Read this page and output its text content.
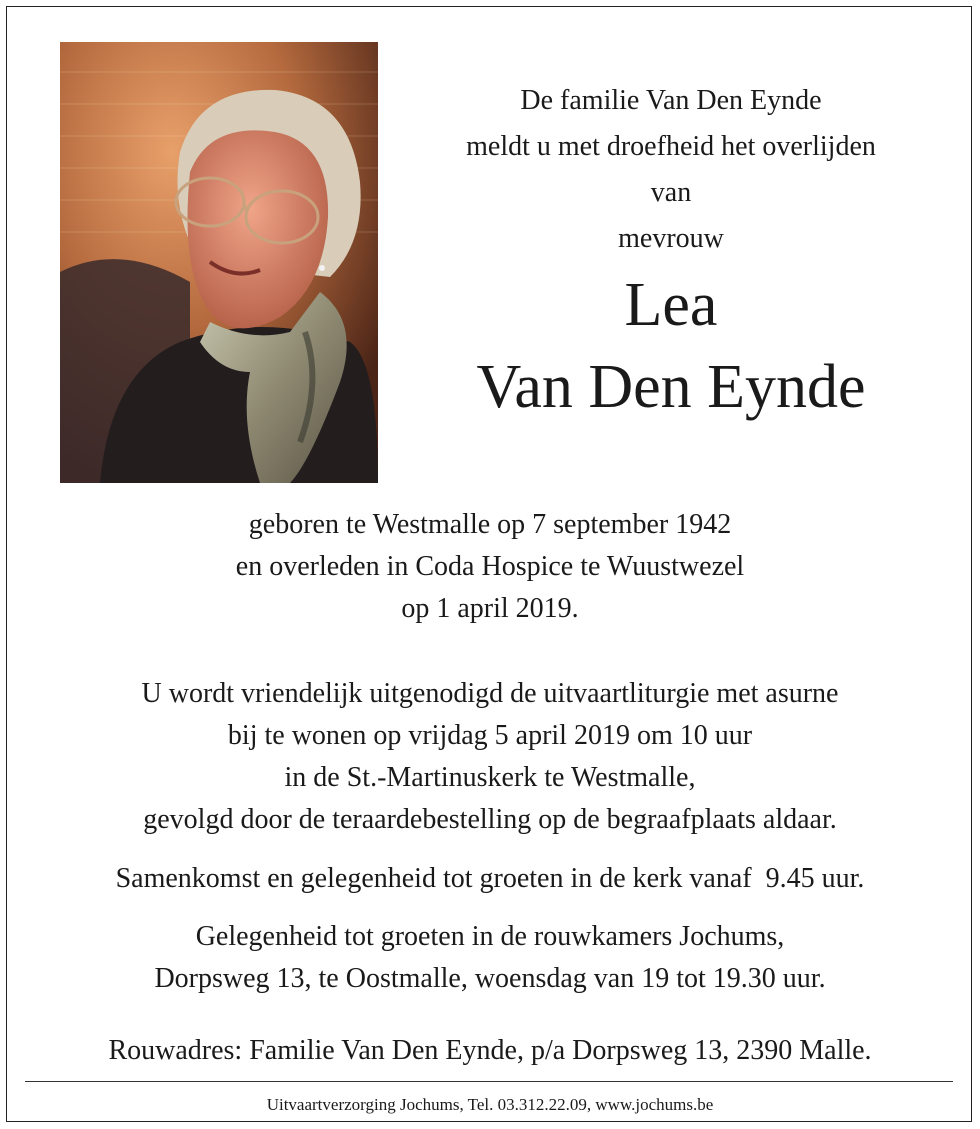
De familie Van Den Eynde
meldt u met droefheid het overlijden
van
mevrouw
Lea
Van Den Eynde
geboren te Westmalle op 7 september 1942
en overleden in Coda Hospice te Wuustwezel
op 1 april 2019.
U wordt vriendelijk uitgenodigd de uitvaartliturgie met asurne
bij te wonen op vrijdag 5 april 2019 om 10 uur
in de St.-Martinuskerk te Westmalle,
gevolgd door de teraardebestelling op de begraafplaats aldaar.
Samenkomst en gelegenheid tot groeten in de kerk vanaf  9.45 uur.
Gelegenheid tot groeten in de rouwkamers Jochums,
Dorpsweg 13, te Oostmalle, woensdag van 19 tot 19.30 uur.
Rouwadres: Familie Van Den Eynde, p/a Dorpsweg 13, 2390 Malle.
Uitvaartverzorging Jochums, Tel. 03.312.22.09, www.jochums.be
